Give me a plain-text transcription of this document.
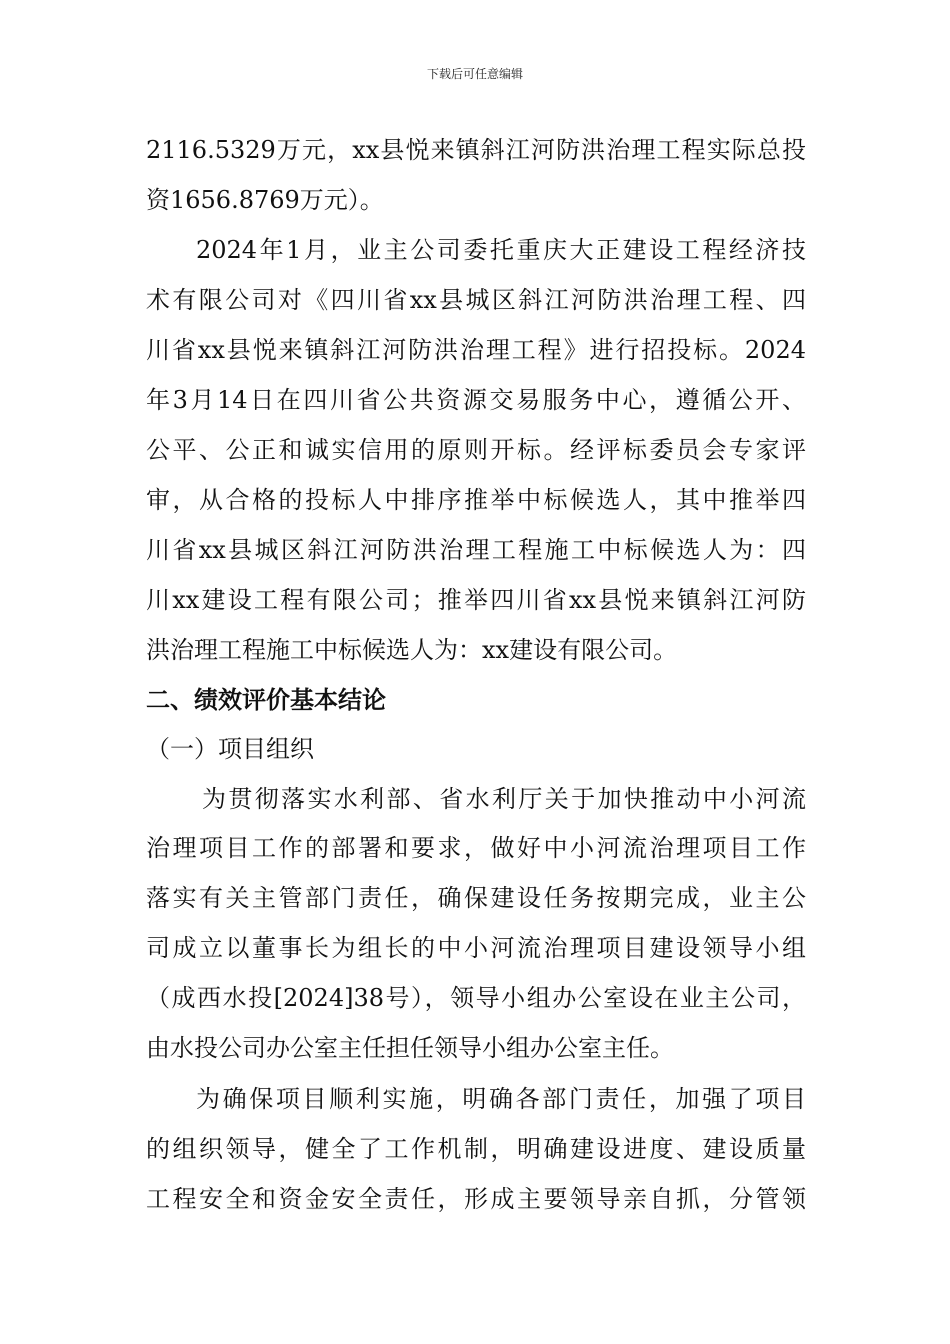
下载后可任意编辑
2116.5329万元，xx县悦来镇斜江河防洪治理工程实际总投
资1656.8769万元）。
2024年1月，业主公司委托重庆大正建设工程经济技
术有限公司对《四川省xx县城区斜江河防洪治理工程、四
川省xx县悦来镇斜江河防洪治理工程》进行招投标。2024
年3月14日在四川省公共资源交易服务中心，遵循公开、
公平、公正和诚实信用的原则开标。经评标委员会专家评
审，从合格的投标人中排序推举中标候选人，其中推举四
川省xx县城区斜江河防洪治理工程施工中标候选人为：四
川xx建设工程有限公司；推举四川省xx县悦来镇斜江河防
洪治理工程施工中标候选人为：xx建设有限公司。
二、绩效评价基本结论
（一）项目组织
为贯彻落实水利部、省水利厅关于加快推动中小河流
治理项目工作的部署和要求，做好中小河流治理项目工作
落实有关主管部门责任，确保建设任务按期完成，业主公
司成立以董事长为组长的中小河流治理项目建设领导小组
（成西水投[2024]38号），领导小组办公室设在业主公司，
由水投公司办公室主任担任领导小组办公室主任。
为确保项目顺利实施，明确各部门责任，加强了项目
的组织领导，健全了工作机制，明确建设进度、建设质量
工程安全和资金安全责任，形成主要领导亲自抓，分管领
